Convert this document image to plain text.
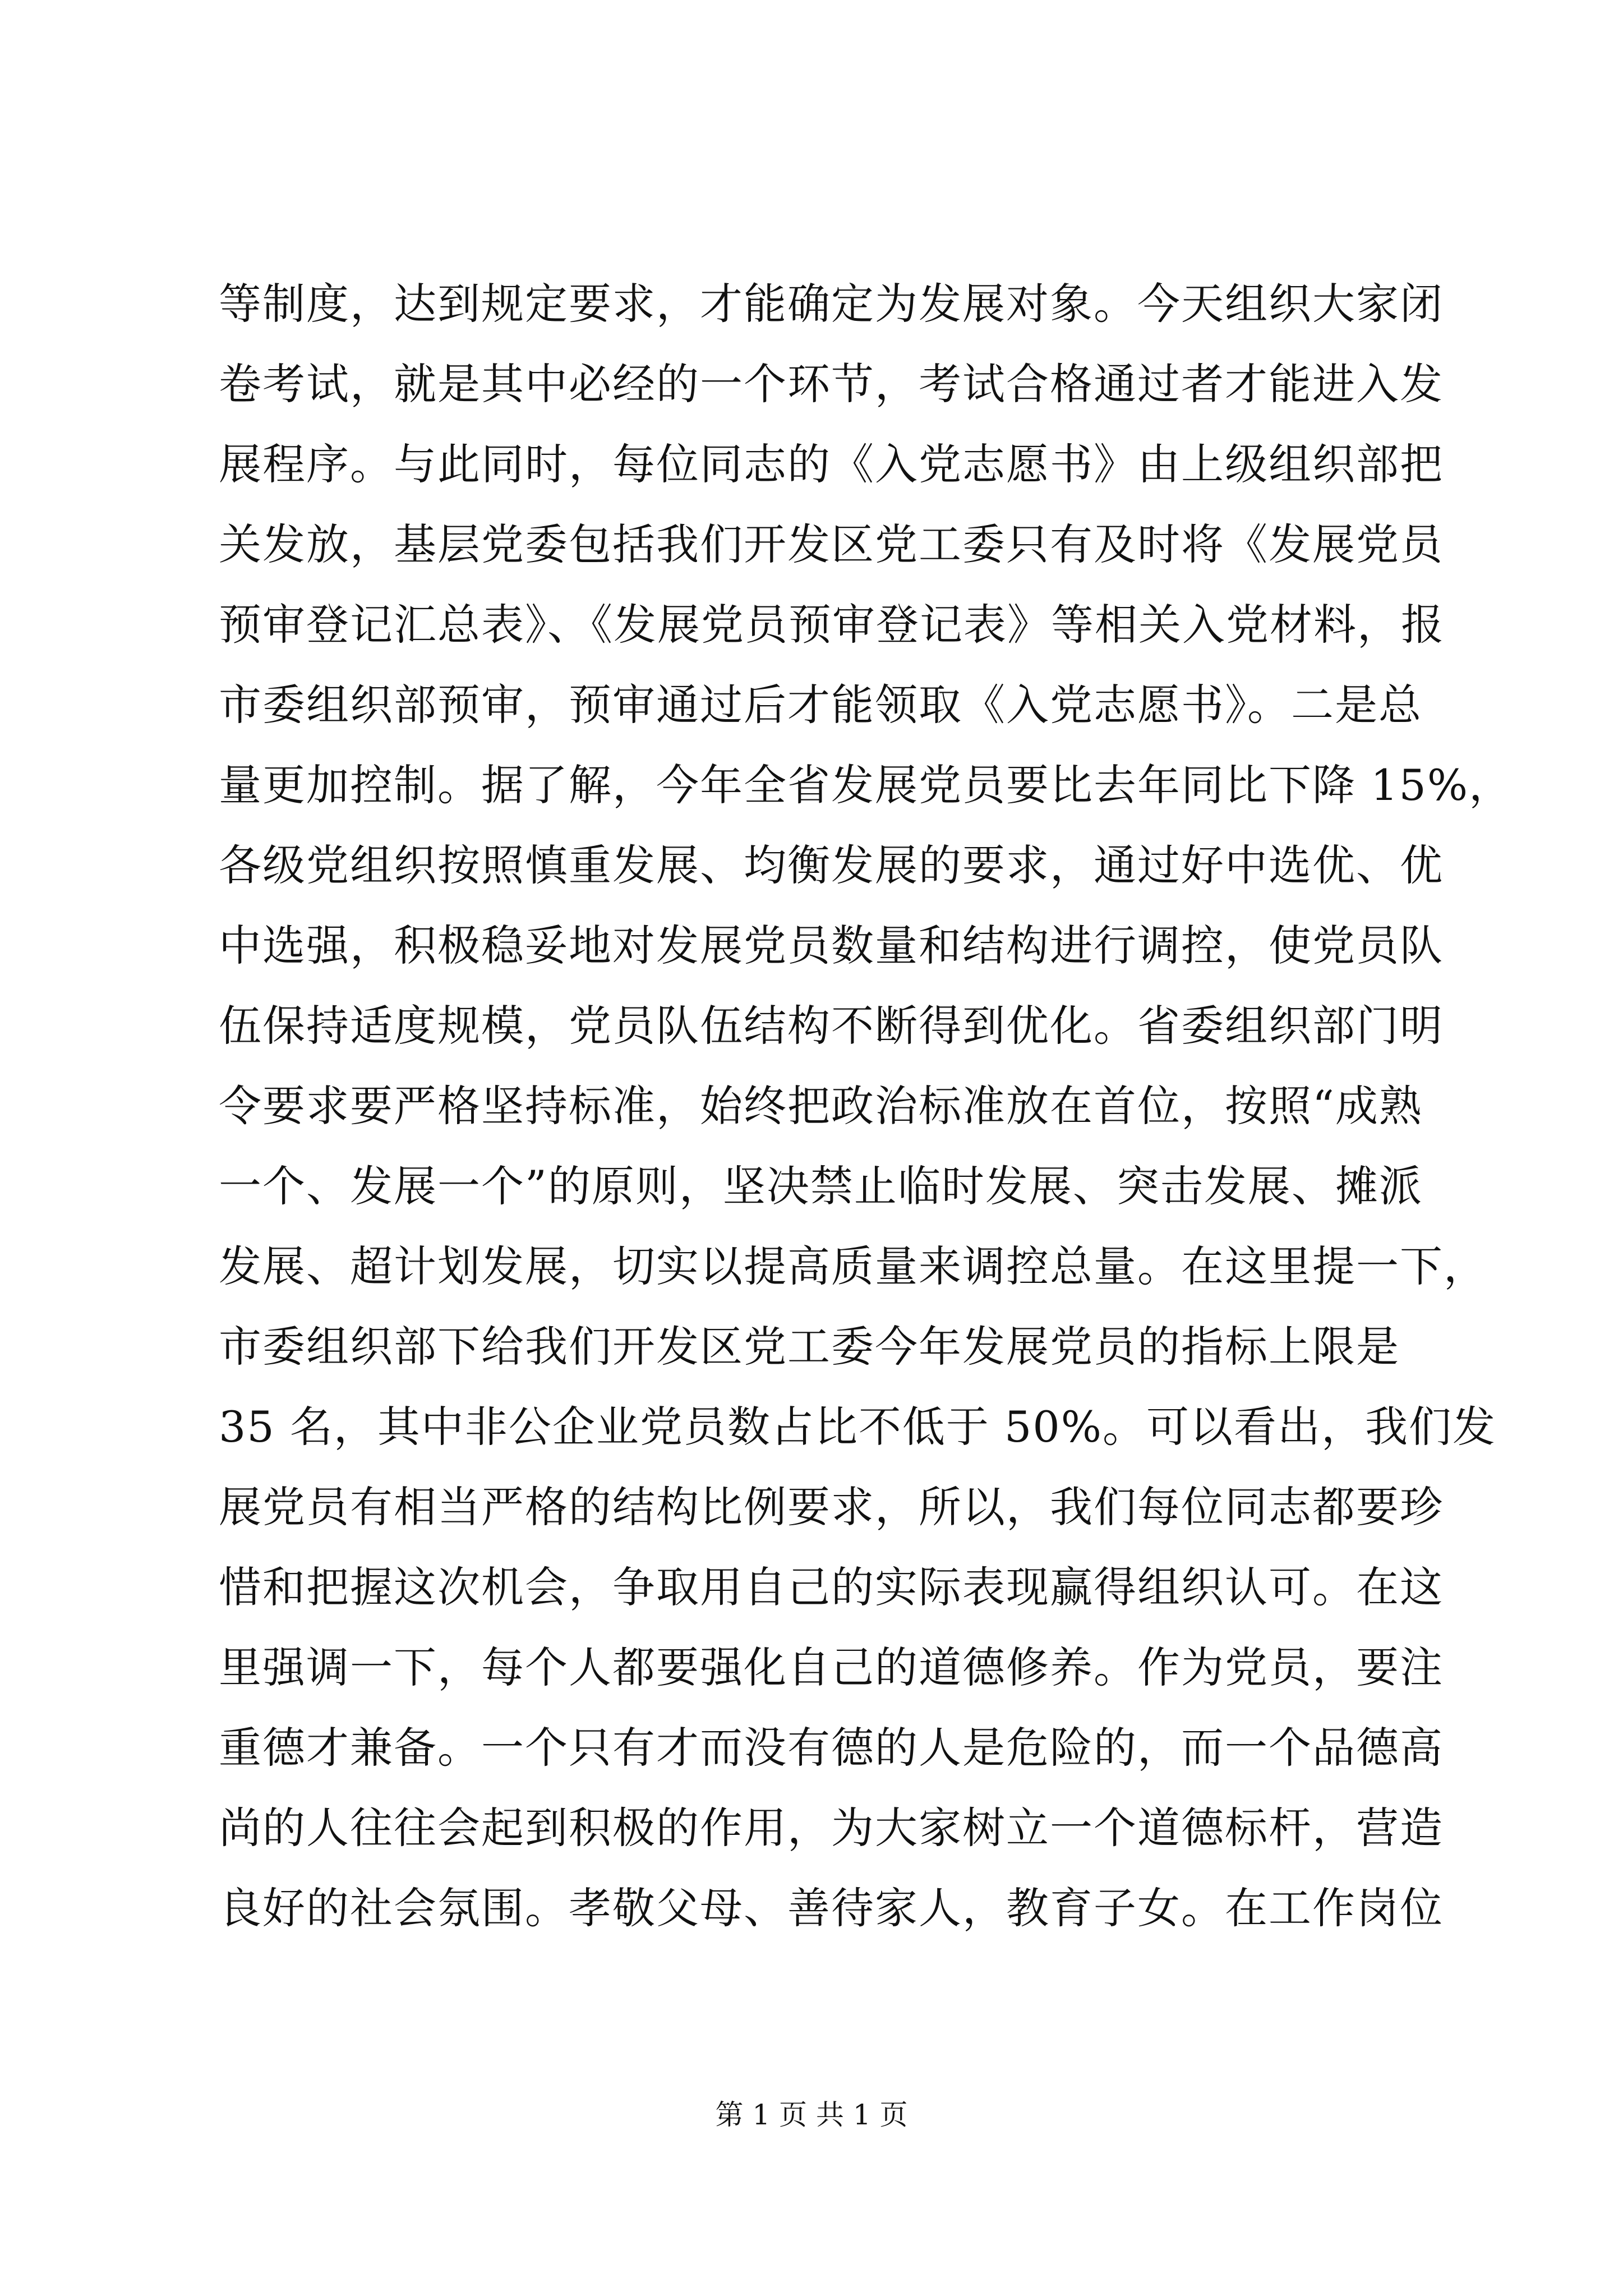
等制度，达到规定要求，才能确定为发展对象。今天组织大家闭
卷考试，就是其中必经的一个环节，考试合格通过者才能进入发
展程序。与此同时，每位同志的《入党志愿书》由上级组织部把
关发放，基层党委包括我们开发区党工委只有及时将《发展党员
预审登记汇总表》、《发展党员预审登记表》等相关入党材料，报
市委组织部预审，预审通过后才能领取《入党志愿书》。二是总
量更加控制。据了解，今年全省发展党员要比去年同比下降 15%，
各级党组织按照慎重发展、均衡发展的要求，通过好中选优、优
中选强，积极稳妥地对发展党员数量和结构进行调控，使党员队
伍保持适度规模，党员队伍结构不断得到优化。省委组织部门明
令要求要严格坚持标准，始终把政治标准放在首位，按照“成熟
一个、发展一个”的原则，坚决禁止临时发展、突击发展、摊派
发展、超计划发展，切实以提高质量来调控总量。在这里提一下，
市委组织部下给我们开发区党工委今年发展党员的指标上限是
35 名，其中非公企业党员数占比不低于 50%。可以看出，我们发
展党员有相当严格的结构比例要求，所以，我们每位同志都要珍
惜和把握这次机会，争取用自己的实际表现赢得组织认可。在这
里强调一下，每个人都要强化自己的道德修养。作为党员，要注
重德才兼备。一个只有才而没有德的人是危险的，而一个品德高
尚的人往往会起到积极的作用，为大家树立一个道德标杆，营造
良好的社会氛围。孝敬父母、善待家人，教育子女。在工作岗位
第 1 页 共 1 页
